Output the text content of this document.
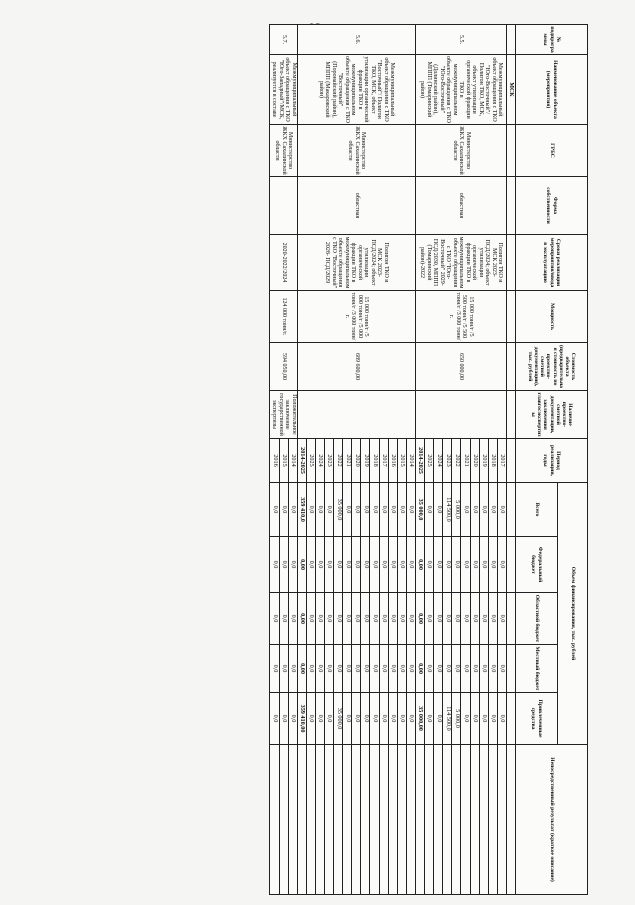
№ подпрограммы	Наименование объекта (мероприятия)	ГРБС	Форма собственности	Сроки реализации мероприятия/ввода в эксплуатацию	Мощность	Стоимость объекта (предварительная стоимость по проектно-сметной документации), тыс. рублей	Наличие проектно-сметной документации, заключения главгосэкспертизы	Период реализации, годы	Объем финансирования, тыс. рублей					Непосредственный результат (краткое описание)
									Всего	Федеральный бюджет	Областной бюджет	Местный бюджет	Привлеченные средства	
	МСК													
5.5.	Межмуниципальный объект обращения с ТКО "Юго-Восточный"/ Полигон ТКО, МСК, объект утилизации органической фракции ТКО в межмуниципальном объекте обращения с ТКО "Юго-Восточный" (Долинский район), МППП (Томаринский район)	Министерство ЖКХ Сахалинской области	областная	Полигон ТКО и МСК 2023- ПСД/2024; объект утилизации органической фракции ТКО в межмуниципальном объекте обращения с ТКО "Юго-Восточный" 2029-ПСД/2030, МППП (Томаринский район)-2022	15 000 тонн/г /5 500 тонн/г /5 500 тонн/г /3 000 тонн/г.	650 000,00		2017	0,0	0,0	0,0	0,0	0,0	
								2018	0,0	0,0	0,0	0,0	0,0	
								2019	0,0	0,0	0,0	0,0	0,0	
								2020	0,0	0,0	0,0	0,0	0,0	
								2021	0,0	0,0	0,0	0,0	0,0	
								2022	5 000,0	0,0	0,0	0,0	5 000,0	
								2023	114 500,0	0,0	0,0	0,0	114 500,0	
								2024	0,0	0,0	0,0	0,0	0,0	
								2025	0,0	0,0	0,0	0,0	0,0	
								2014-2025	35 000,0	0,00	0,00	0,00	35 000,00	
5.6.	Межмуниципальный объект обращения с ТКО "Восточный"/ Полигон ТКО, МСК, объект утилизации органической фракции ТКО в межмуниципальном объекте обращения с ТКО "Восточный" (Поронайский район), МППП (Макаровский район)	Министерство ЖКХ Сахалинской области	областная	Полигон ТКО и МСК 2023- ПСД/2024; объект утилизации органической фракции ТКО в межмуниципальном объекте обращения с ТКО "Восточный" 2028- ПСД/2029	15 000 тонн/г /5 000 тонн/г /5 000 тонн/г /3 000 тонн/г.	689 600,00		2014	0,0	0,0	0,0	0,0	0,0	
								2015	0,0	0,0	0,0	0,0	0,0	
								2016	0,0	0,0	0,0	0,0	0,0	
								2017	0,0	0,0	0,0	0,0	0,0	
								2018	0,0	0,0	0,0	0,0	0,0	
								2019	0,0	0,0	0,0	0,0	0,0	
								2020	0,0	0,0	0,0	0,0	0,0	
								2021	0,0	0,0	0,0	0,0	0,0	
								2022	35 000,0	0,0	0,0	0,0	35 000,0	
								2023	0,0	0,0	0,0	0,0	0,0	
								2024	0,0	0,0	0,0	0,0	0,0	
								2025	0,0	0,0	0,0	0,0	0,0	
								2014-2025	359 410,0	0,00	0,00	0,00	359 410,00	
5.7.	Межмуниципальный объект обращения с ТКО "Юго-Западный"/МСК, реализуется в составе	Министерство ЖКХ Сахалинской области		2020-2022/2024	124 000 тонн/г.	594 050,00	Положительное заключение государственной экспертизы	2014	0,0	0,0	0,0	0,0	0,0	
								2015	0,0	0,0	0,0	0,0	0,0	
								2016	0,0	0,0	0,0	0,0	0,0	
